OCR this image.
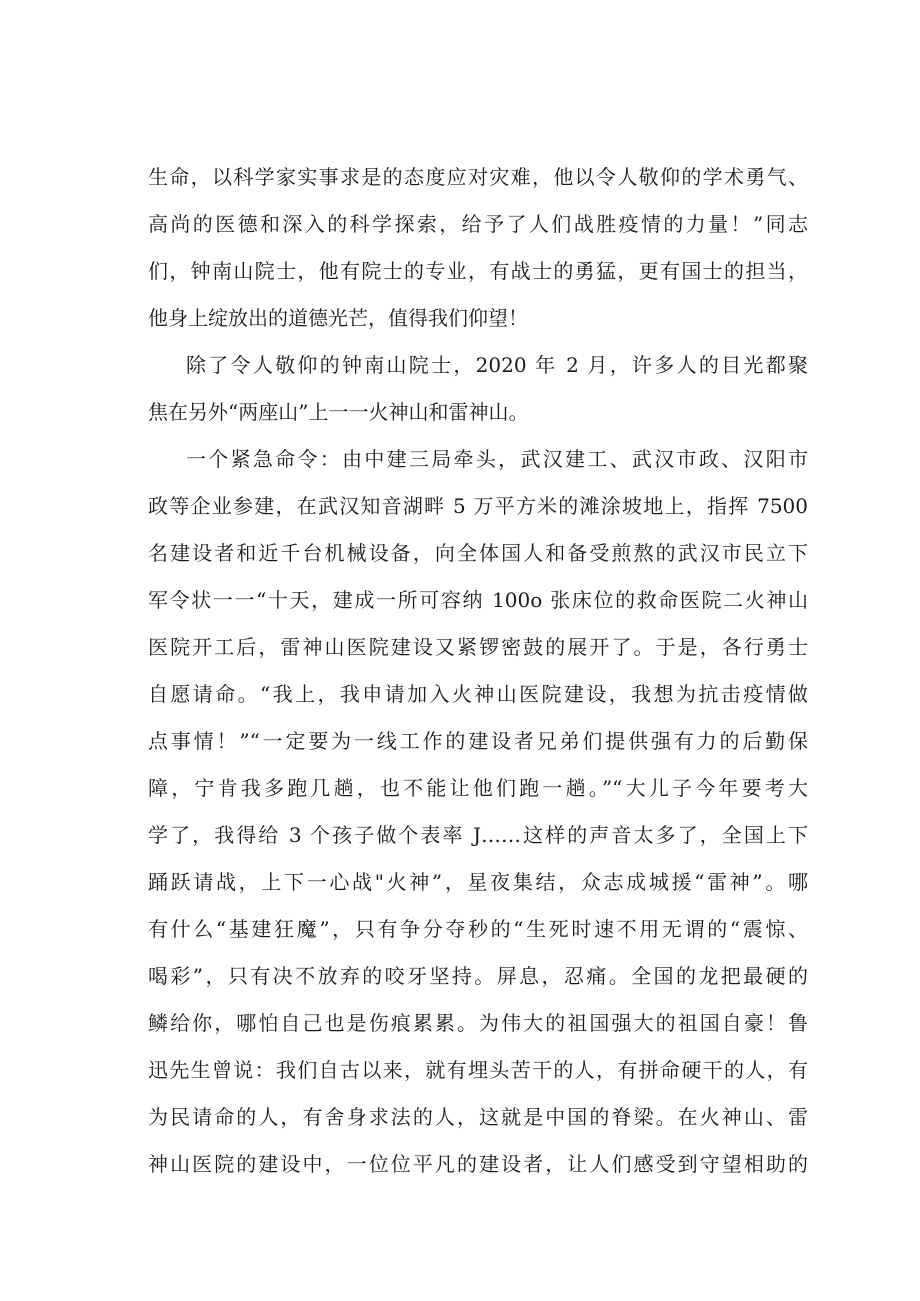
生命，以科学家实事求是的态度应对灾难，他以令人敬仰的学术勇气、
高尚的医德和深入的科学探索，给予了人们战胜疫情的力量！”同志
们，钟南山院士，他有院士的专业，有战士的勇猛，更有国士的担当，
他身上绽放出的道德光芒，值得我们仰望！
除了令人敬仰的钟南山院士，2020 年 2 月，许多人的目光都聚
焦在另外“两座山”上一一火神山和雷神山。
一个紧急命令：由中建三局牵头，武汉建工、武汉市政、汉阳市
政等企业参建，在武汉知音湖畔 5 万平方米的滩涂坡地上，指挥 7500
名建设者和近千台机械设备，向全体国人和备受煎熬的武汉市民立下
军令状一一“十天，建成一所可容纳 100o 张床位的救命医院二火神山
医院开工后，雷神山医院建设又紧锣密鼓的展开了。于是，各行勇士
自愿请命。“我上，我申请加入火神山医院建设，我想为抗击疫情做
点事情！”“一定要为一线工作的建设者兄弟们提供强有力的后勤保
障，宁肯我多跑几趟，也不能让他们跑一趟。”“大儿子今年要考大
学了，我得给 3 个孩子做个表率 J……这样的声音太多了，全国上下
踊跃请战，上下一心战"火神”，星夜集结，众志成城援“雷神”。哪
有什么“基建狂魔”，只有争分夺秒的“生死时速不用无谓的“震惊、
喝彩”，只有决不放弃的咬牙坚持。屏息，忍痛。全国的龙把最硬的
鳞给你，哪怕自己也是伤痕累累。为伟大的祖国强大的祖国自豪！鲁
迅先生曾说：我们自古以来，就有埋头苦干的人，有拼命硬干的人，有
为民请命的人，有舍身求法的人，这就是中国的脊梁。在火神山、雷
神山医院的建设中，一位位平凡的建设者，让人们感受到守望相助的
